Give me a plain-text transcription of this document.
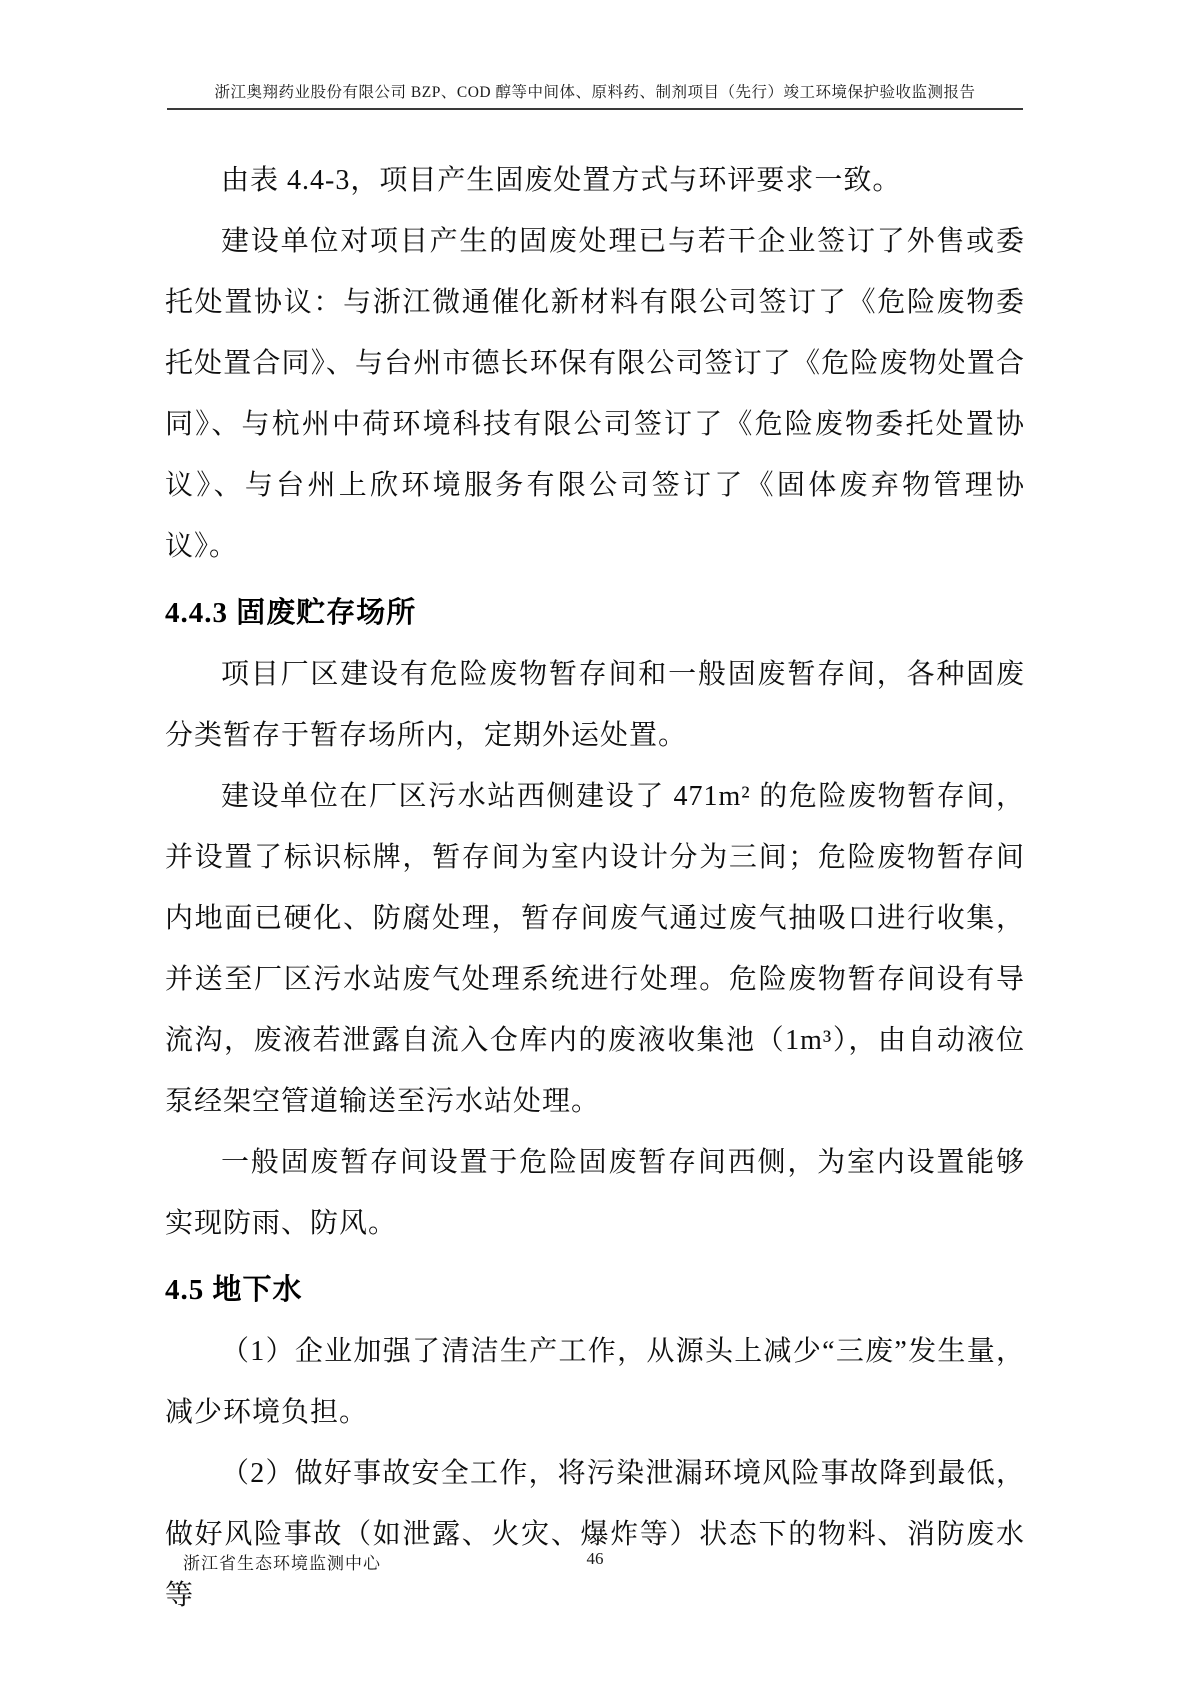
浙江奥翔药业股份有限公司 BZP、COD 醇等中间体、原料药、制剂项目（先行）竣工环境保护验收监测报告

由表 4.4-3，项目产生固废处置方式与环评要求一致。

建设单位对项目产生的固废处理已与若干企业签订了外售或委托处置协议：与浙江微通催化新材料有限公司签订了《危险废物委托处置合同》、与台州市德长环保有限公司签订了《危险废物处置合同》、与杭州中荷环境科技有限公司签订了《危险废物委托处置协议》、与台州上欣环境服务有限公司签订了《固体废弃物管理协议》。

4.4.3 固废贮存场所

项目厂区建设有危险废物暂存间和一般固废暂存间，各种固废分类暂存于暂存场所内，定期外运处置。

建设单位在厂区污水站西侧建设了 471m² 的危险废物暂存间，并设置了标识标牌，暂存间为室内设计分为三间；危险废物暂存间内地面已硬化、防腐处理，暂存间废气通过废气抽吸口进行收集，并送至厂区污水站废气处理系统进行处理。危险废物暂存间设有导流沟，废液若泄露自流入仓库内的废液收集池（1m³），由自动液位泵经架空管道输送至污水站处理。

一般固废暂存间设置于危险固废暂存间西侧，为室内设置能够实现防雨、防风。

4.5 地下水

（1）企业加强了清洁生产工作，从源头上减少“三废”发生量，减少环境负担。

（2）做好事故安全工作，将污染泄漏环境风险事故降到最低，做好风险事故（如泄露、火灾、爆炸等）状态下的物料、消防废水等

浙江省生态环境监测中心	46
